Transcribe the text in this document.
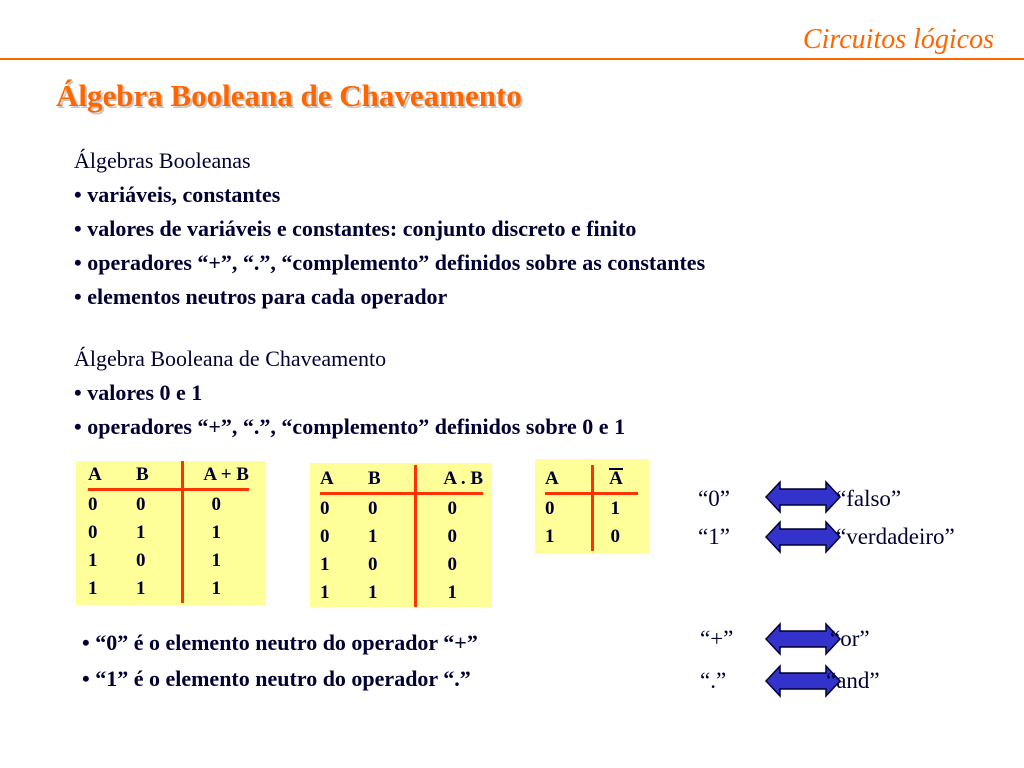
Circuitos lógicos
Álgebra Booleana de Chaveamento
Álgebras Booleanas
• variáveis, constantes
• valores de variáveis e constantes: conjunto discreto e finito
• operadores “+”, “.”, “complemento” definidos sobre as constantes
• elementos neutros para cada operador
Álgebra Booleana de Chaveamento
• valores 0 e 1
• operadores “+”, “.”, “complemento” definidos sobre 0 e 1
A	B	A + B
0	0	0
0	1	1
1	0	1
1	1	1
A	B	A . B
0	0	0
0	1	0
1	0	0
1	1	1
A	A
0	1
1	0
“0”	“falso”
“1”	“verdadeiro”
“+”	“or”
“.”	“and”
• “0” é o elemento neutro do operador “+”
• “1” é o elemento neutro do operador “.”
